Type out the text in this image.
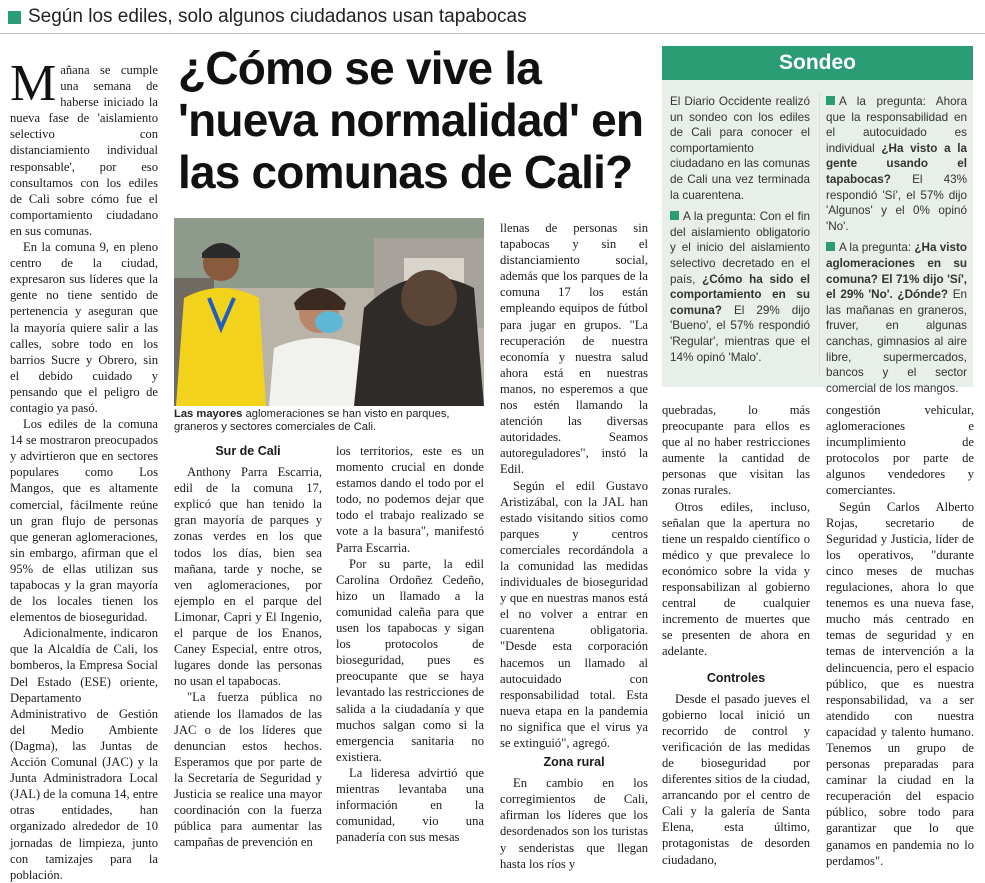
Según los ediles, solo algunos ciudadanos usan tapabocas
¿Cómo se vive la 'nueva normalidad' en las comunas de Cali?

Mañana se cumple una semana de haberse iniciado la nueva fase de 'aislamiento selectivo con distanciamiento individual responsable', por eso consultamos con los ediles de Cali sobre cómo fue el comportamiento ciudadano en sus comunas.

En la comuna 9, en pleno centro de la ciudad, expresaron sus líderes que la gente no tiene sentido de pertenencia y aseguran que la mayoría quiere salir a las calles, sobre todo en los barrios Sucre y Obrero, sin el debido cuidado y pensando que el peligro de contagio ya pasó.

Los ediles de la comuna 14 se mostraron preocupados y advirtieron que en sectores populares como Los Mangos, que es altamente comercial, fácilmente reúne un gran flujo de personas que generan aglomeraciones, sin embargo, afirman que el 95% de ellas utilizan sus tapabocas y la gran mayoría de los locales tienen los elementos de bioseguridad.

Adicionalmente, indicaron que la Alcaldía de Cali, los bomberos, la Empresa Social Del Estado (ESE) oriente, Departamento Administrativo de Gestión del Medio Ambiente (Dagma), las Juntas de Acción Comunal (JAC) y la Junta Administradora Local (JAL) de la comuna 14, entre otras entidades, han organizado alrededor de 10 jornadas de limpieza, junto con tamizajes para la población.

Las mayores aglomeraciones se han visto en parques, graneros y sectores comerciales de Cali.
Sur de Cali

Anthony Parra Escarria, edil de la comuna 17, explicó que han tenido la gran mayoría de parques y zonas verdes en los que todos los días, bien sea mañana, tarde y noche, se ven aglomeraciones, por ejemplo en el parque del Limonar, Capri y El Ingenio, el parque de los Enanos, Caney Especial, entre otros, lugares donde las personas no usan el tapabocas.

"La fuerza pública no atiende los llamados de las JAC o de los líderes que denuncian estos hechos. Esperamos que por parte de la Secretaría de Seguridad y Justicia se realice una mayor coordinación con la fuerza pública para aumentar las campañas de prevención en

los territorios, este es un momento crucial en donde estamos dando el todo por el todo, no podemos dejar que todo el trabajo realizado se vote a la basura", manifestó Parra Escarria.

Por su parte, la edil Carolina Ordoñez Cedeño, hizo un llamado a la comunidad caleña para que usen los tapabocas y sigan los protocolos de bioseguridad, pues es preocupante que se haya levantado las restricciones de salida a la ciudadanía y que muchos salgan como si la emergencia sanitaria no existiera.

La lideresa advirtió que mientras levantaba una información en la comunidad, vio una panadería con sus mesas

llenas de personas sin tapabocas y sin el distanciamiento social, además que los parques de la comuna 17 los están empleando equipos de fútbol para jugar en grupos. "La recuperación de nuestra economía y nuestra salud ahora está en nuestras manos, no esperemos a que nos estén llamando la atención las diversas autoridades. Seamos autoreguladores", instó la Edil.

Según el edil Gustavo Aristizábal, con la JAL han estado visitando sitios como parques y centros comerciales recordándola a la comunidad las medidas individuales de bioseguridad y que en nuestras manos está el no volver a entrar en cuarentena obligatoria. "Desde esta corporación hacemos un llamado al autocuidado con responsabilidad total. Esta nueva etapa en la pandemia no significa que el virus ya se extinguió", agregó.

Zona rural

En cambio en los corregimientos de Cali, afirman los líderes que los desordenados son los turistas y senderistas que llegan hasta los ríos y

Sondeo

El Diario Occidente realizó un sondeo con los ediles de Cali para conocer el comportamiento ciudadano en las comunas de Cali una vez terminada la cuarentena.

A la pregunta: Con el fin del aislamiento obligatorio y el inicio del aislamiento selectivo decretado en el país, ¿Cómo ha sido el comportamiento en su comuna? El 29% dijo 'Bueno', el 57% respondió 'Regular', mientras que el 14% opinó 'Malo'.

A la pregunta: Ahora que la responsabilidad en el autocuidado es individual ¿Ha visto a la gente usando el tapabocas? El 43% respondió 'Sí', el 57% dijo 'Algunos' y el 0% opinó 'No'.

A la pregunta: ¿Ha visto aglomeraciones en su comuna? El 71% dijo 'Sí', el 29% 'No'. ¿Dónde? En las mañanas en graneros, fruver, en algunas canchas, gimnasios al aire libre, supermercados, bancos y el sector comercial de los mangos.

quebradas, lo más preocupante para ellos es que al no haber restricciones aumente la cantidad de personas que visitan las zonas rurales.

Otros ediles, incluso, señalan que la apertura no tiene un respaldo científico o médico y que prevalece lo económico sobre la vida y responsabilizan al gobierno central de cualquier incremento de muertes que se presenten de ahora en adelante.

Controles

Desde el pasado jueves el gobierno local inició un recorrido de control y verificación de las medidas de bioseguridad por diferentes sitios de la ciudad, arrancando por el centro de Cali y la galería de Santa Elena, esta último, protagonistas de desorden ciudadano,

congestión vehicular, aglomeraciones e incumplimiento de protocolos por parte de algunos vendedores y comerciantes.

Según Carlos Alberto Rojas, secretario de Seguridad y Justicia, líder de los operativos, "durante cinco meses de muchas regulaciones, ahora lo que tenemos es una nueva fase, mucho más centrado en temas de seguridad y en temas de intervención a la delincuencia, pero el espacio público, que es nuestra responsabilidad, va a ser atendido con nuestra capacidad y talento humano. Tenemos un grupo de personas preparadas para caminar la ciudad en la recuperación del espacio público, sobre todo para garantizar que lo que ganamos en pandemia no lo perdamos".
